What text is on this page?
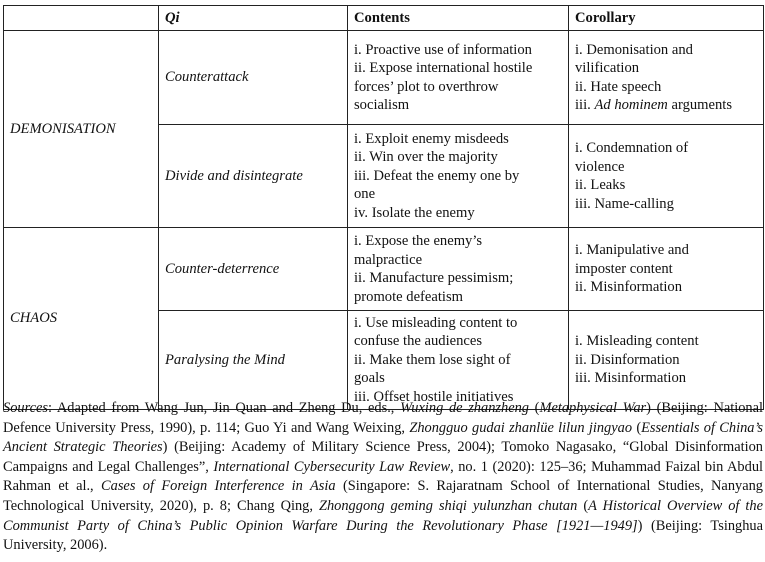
	Qi	Contents	Corollary
DEMONISATION	Counterattack	i. Proactive use of information
ii. Expose international hostile
forces’ plot to overthrow
socialism	i. Demonisation and
vilification
ii. Hate speech
iii. Ad hominem arguments

	Divide and disintegrate	i. Exploit enemy misdeeds
ii. Win over the majority
iii. Defeat the enemy one by
one
iv. Isolate the enemy	i. Condemnation of
violence
ii. Leaks
iii. Name-calling

CHAOS	Counter-deterrence	i. Expose the enemy’s
malpractice
ii. Manufacture pessimism;
promote defeatism	i. Manipulative and
imposter content
ii. Misinformation

	Paralysing the Mind	i. Use misleading content to
confuse the audiences
ii. Make them lose sight of
goals
iii. Offset hostile initiatives	i. Misleading content
ii. Disinformation
iii. Misinformation
Sources: Adapted from Wang Jun, Jin Quan and Zheng Du, eds., Wuxing de zhanzheng (Metaphysical War) (Beijing: National Defence University Press, 1990), p. 114; Guo Yi and Wang Weixing, Zhongguo gudai zhanlüe lilun jingyao (Essentials of China’s Ancient Strategic Theories) (Beijing: Academy of Military Science Press, 2004); Tomoko Nagasako, “Global Disinformation Campaigns and Legal Challenges”, International Cybersecurity Law Review, no. 1 (2020): 125–36; Muhammad Faizal bin Abdul Rahman et al., Cases of Foreign Interference in Asia (Singapore: S. Rajaratnam School of International Studies, Nanyang Technological University, 2020), p. 8; Chang Qing, Zhonggong geming shiqi yulunzhan chutan (A Historical Overview of the Communist Party of China’s Public Opinion Warfare During the Revolutionary Phase [1921—1949]) (Beijing: Tsinghua University, 2006).
